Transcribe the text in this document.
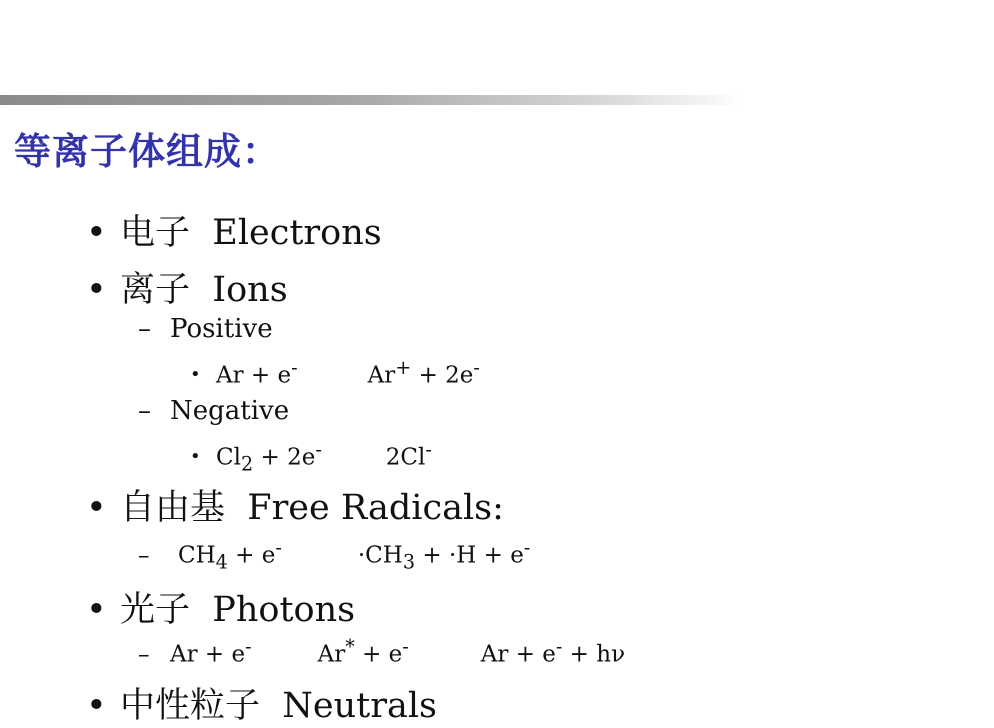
等离子体组成：
• 电子 Electrons
• 离子 Ions
– Positive
• Ar + e-	Ar+ + 2e-
– Negative
• $Cl_2 + 2e^-$	2Cl-
• 自由基 Free Radicals:
– $CH_4 + e^-$	$\cdot CH_3 + \cdot H + e^-$
• 光子 Photons
– Ar + e-	Ar* + e-	Ar + e- + hν
• 中性粒子 Neutrals
